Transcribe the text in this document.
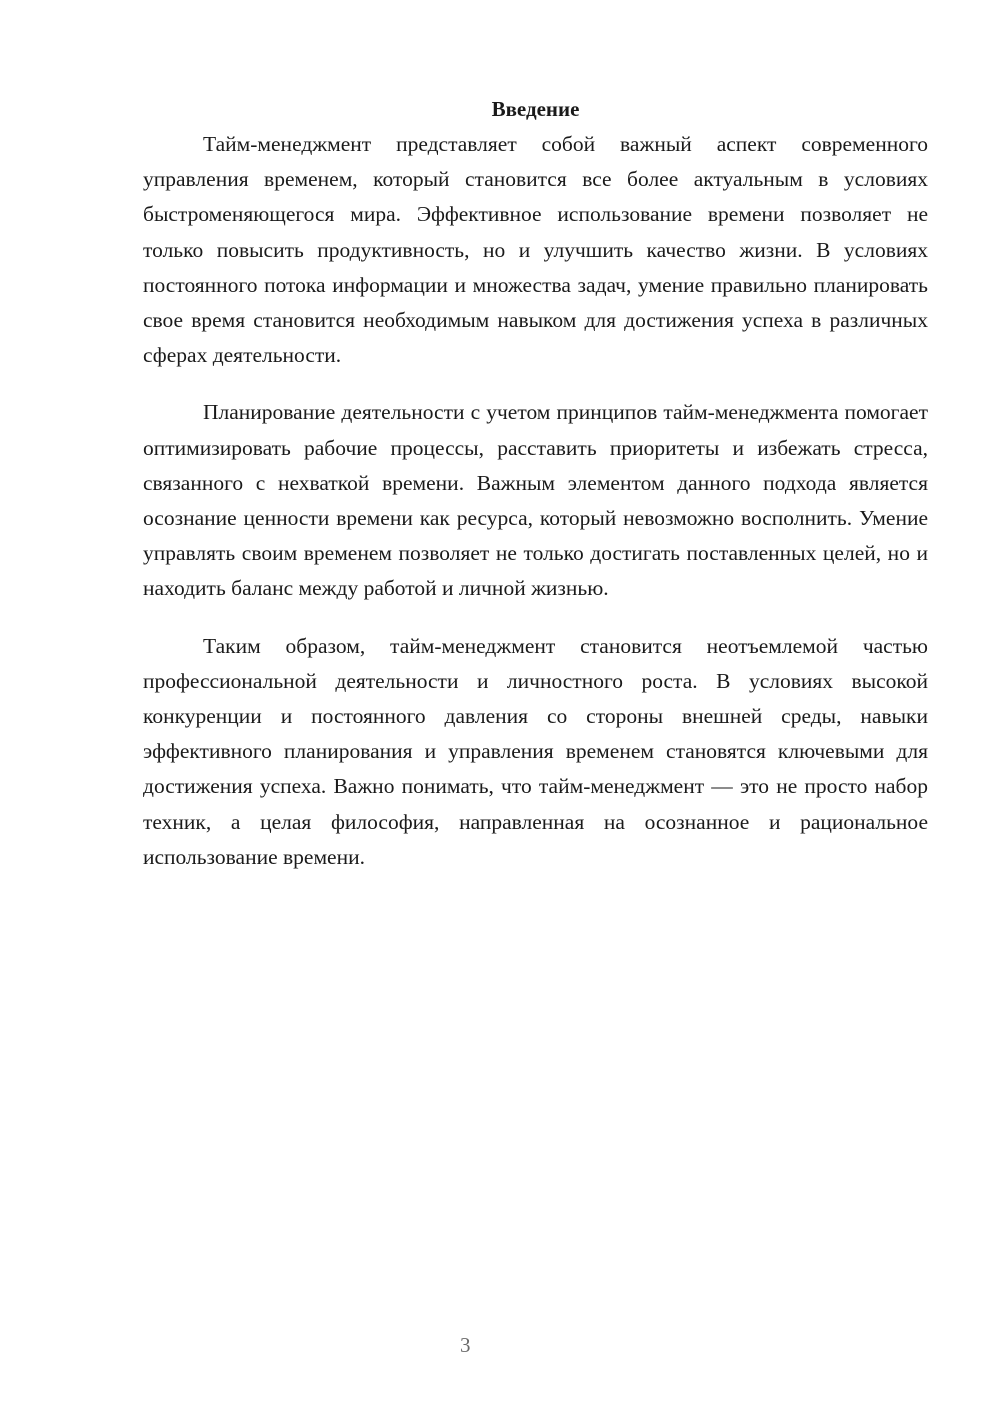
Введение

Тайм-менеджмент представляет собой важный аспект современного управления временем, который становится все более актуальным в условиях быстроменяющегося мира. Эффективное использование времени позволяет не только повысить продуктивность, но и улучшить качество жизни. В условиях постоянного потока информации и множества задач, умение правильно планировать свое время становится необходимым навыком для достижения успеха в различных сферах деятельности.

Планирование деятельности с учетом принципов тайм-менеджмента помогает оптимизировать рабочие процессы, расставить приоритеты и избежать стресса, связанного с нехваткой времени. Важным элементом данного подхода является осознание ценности времени как ресурса, который невозможно восполнить. Умение управлять своим временем позволяет не только достигать поставленных целей, но и находить баланс между работой и личной жизнью.

Таким образом, тайм-менеджмент становится неотъемлемой частью профессиональной деятельности и личностного роста. В условиях высокой конкуренции и постоянного давления со стороны внешней среды, навыки эффективного планирования и управления временем становятся ключевыми для достижения успеха. Важно понимать, что тайм-менеджмент — это не просто набор техник, а целая философия, направленная на осознанное и рациональное использование времени.

3
